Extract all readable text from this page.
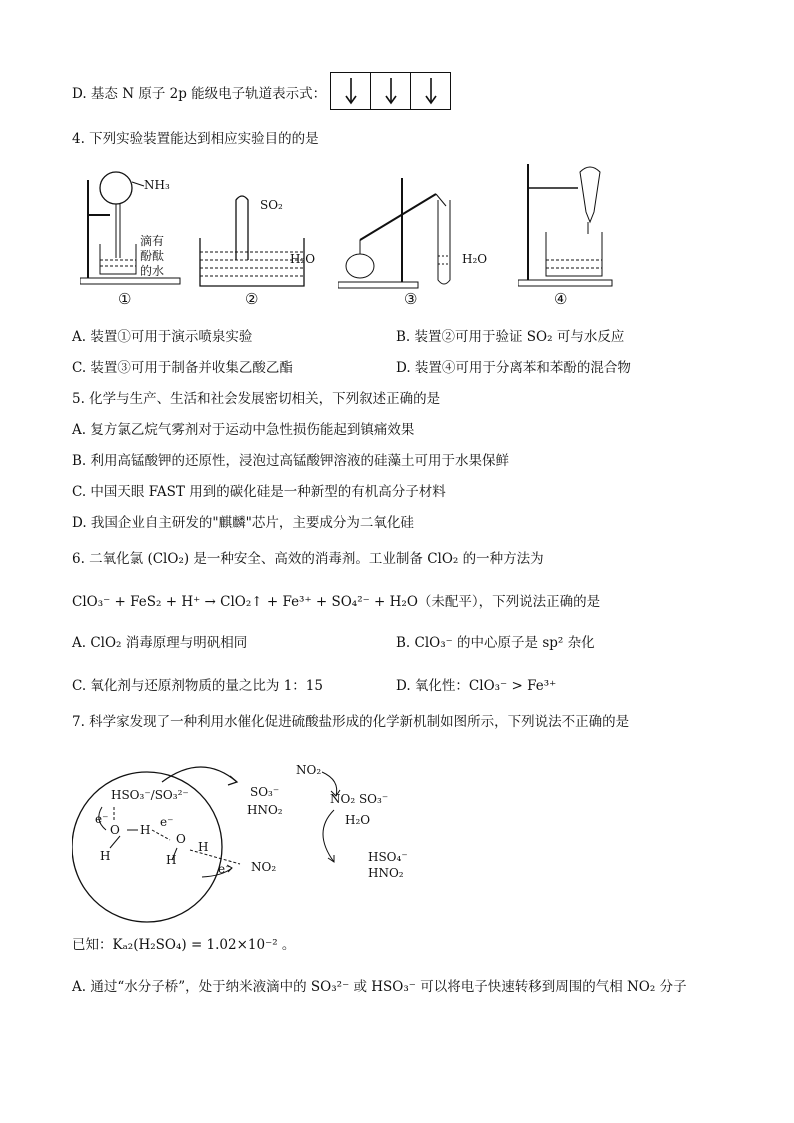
D. 基态 N 原子 2p 能级电子轨道表示式：
4. 下列实验装置能达到相应实验目的的是
NH₃
滴有
酚酞
的水
①
SO₂
H₂O
②
H₂O
③	④
A. 装置①可用于演示喷泉实验	B. 装置②可用于验证 SO₂ 可与水反应
C. 装置③可用于制备并收集乙酸乙酯	D. 装置④可用于分离苯和苯酚的混合物
5. 化学与生产、生活和社会发展密切相关，下列叙述正确的是
A. 复方氯乙烷气雾剂对于运动中急性损伤能起到镇痛效果
B. 利用高锰酸钾的还原性，浸泡过高锰酸钾溶液的硅藻土可用于水果保鲜
C. 中国天眼 FAST 用到的碳化硅是一种新型的有机高分子材料
D. 我国企业自主研发的"麒麟"芯片，主要成分为二氧化硅
6. 二氧化氯 (ClO₂) 是一种安全、高效的消毒剂。工业制备 ClO₂ 的一种方法为
ClO₃⁻ + FeS₂ + H⁺ → ClO₂↑ + Fe³⁺ + SO₄²⁻ + H₂O（未配平），下列说法正确的是
A. ClO₂ 消毒原理与明矾相同	B. ClO₃⁻ 的中心原子是 sp² 杂化
C. 氧化剂与还原剂物质的量之比为 1：15	D. 氧化性：ClO₃⁻ > Fe³⁺
7. 科学家发现了一种利用水催化促进硫酸盐形成的化学新机制如图所示，下列说法不正确的是
HSO₃⁻/SO₃²⁻
e⁻
O H
e⁻
O
H	H
H
NO₂
e⁻
SO₃⁻
HNO₂
NO₂
NO₂ SO₃⁻
H₂O
HSO₄⁻
HNO₂
已知：Kₐ₂(H₂SO₄) = 1.02×10⁻² 。
A. 通过“水分子桥”，处于纳米液滴中的 SO₃²⁻ 或 HSO₃⁻ 可以将电子快速转移到周围的气相 NO₂ 分子
